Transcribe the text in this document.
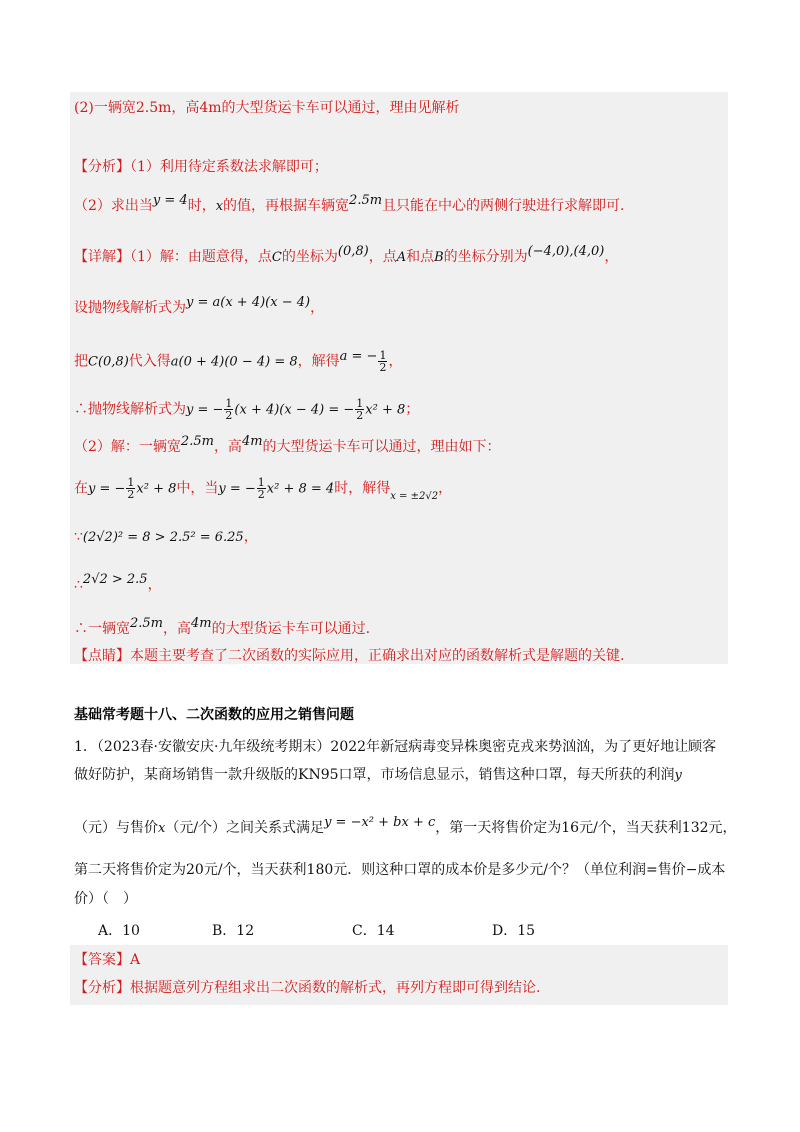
(2)一辆宽2.5m，高4m的大型货运卡车可以通过，理由见解析
【分析】（1）利用待定系数法求解即可；
（2）求出当y = 4时，x的值，再根据车辆宽2.5m且只能在中心的两侧行驶进行求解即可.
【详解】（1）解：由题意得，点C的坐标为(0,8)，点A和点B的坐标分别为(−4,0),(4,0)，
设抛物线解析式为y = a(x + 4)(x − 4)，
把C(0,8)代入得a(0 + 4)(0 − 4) = 8，解得a = − $\frac{1}{2}$ ，
∴抛物线解析式为y = − $\frac{1}{2} (x + 4)(x - 4)$ = − $\frac{1}{2} x^2 + 8$；
（2）解：一辆宽2.5m，高4m的大型货运卡车可以通过，理由如下：
在y = − $\frac{1}{2} x^2 + 8$中，当y = − $\frac{1}{2} x^2 + 8 = 4$时，解得$_{x = \pm 2√2}$，
∵(2√2)² = 8 > 2.5² = 6.25，
∴2√2 > 2.5，
∴一辆宽2.5m，高4m的大型货运卡车可以通过.
【点睛】本题主要考查了二次函数的实际应用，正确求出对应的函数解析式是解题的关键.
基础常考题十八、二次函数的应用之销售问题
1．（2023春·安徽安庆·九年级统考期末）2022年新冠病毒变异株奥密克戎来势汹汹，为了更好地让顾客
做好防护，某商场销售一款升级版的KN95口罩，市场信息显示，销售这种口罩，每天所获的利润y
（元）与售价x（元/个）之间关系式满足y = −x² + bx + c，第一天将售价定为16元/个，当天获利132元，
第二天将售价定为20元/个，当天获利180元．则这种口罩的成本价是多少元/个？（单位利润=售价−成本
价）（　）
A．10	B．12	C．14	D．15
【答案】A
【分析】根据题意列方程组求出二次函数的解析式，再列方程即可得到结论.
